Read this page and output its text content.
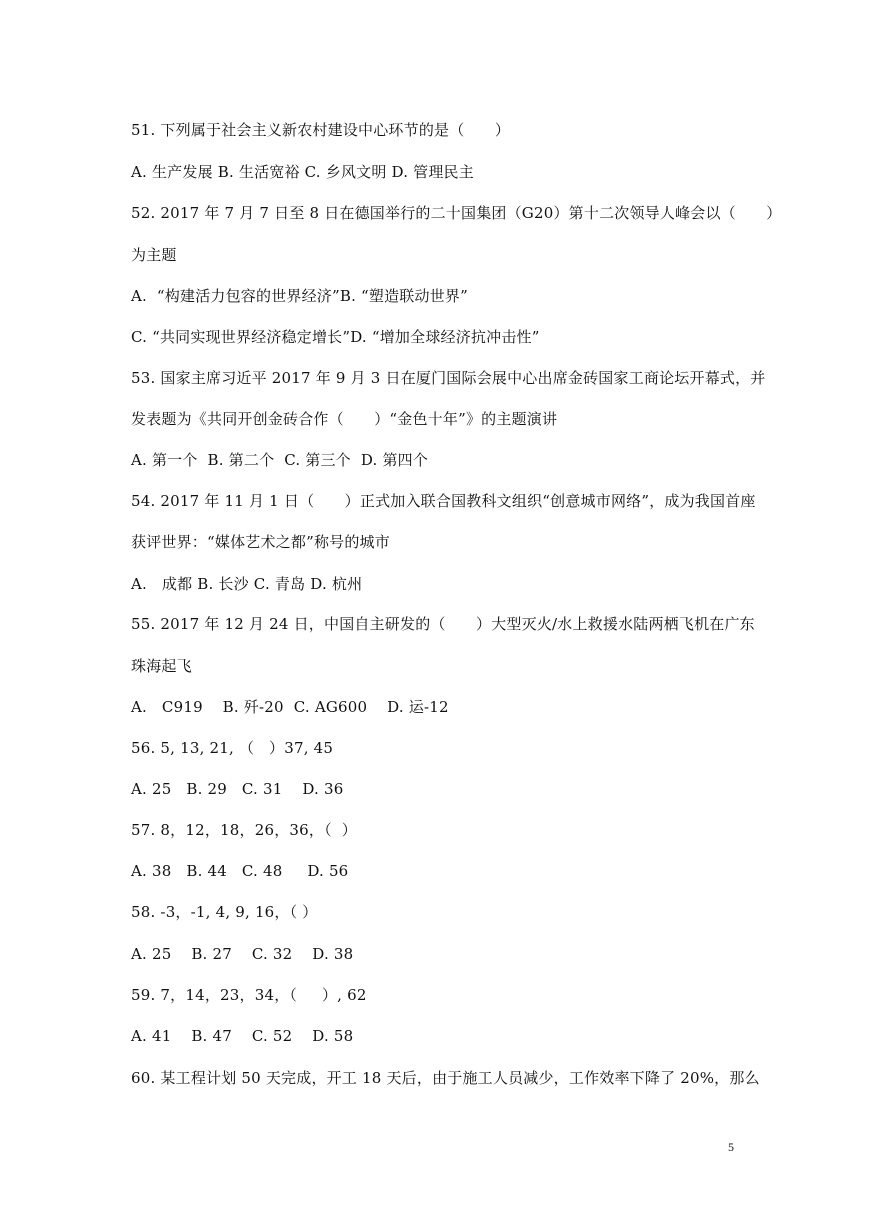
51. 下列属于社会主义新农村建设中心环节的是（　　）
A. 生产发展 B. 生活宽裕 C. 乡风文明 D. 管理民主
52. 2017 年 7 月 7 日至 8 日在德国举行的二十国集团（G20）第十二次领导人峰会以（　　）
为主题
A.  “构建活力包容的世界经济”B. “塑造联动世界”
C. “共同实现世界经济稳定增长”D. “增加全球经济抗冲击性”
53. 国家主席习近平 2017 年 9 月 3 日在厦门国际会展中心出席金砖国家工商论坛开幕式，并
发表题为《共同开创金砖合作（　　）“金色十年”》的主题演讲
A. 第一个  B. 第二个  C. 第三个  D. 第四个
54. 2017 年 11 月 1 日（　　）正式加入联合国教科文组织“创意城市网络”，成为我国首座
获评世界：“媒体艺术之都”称号的城市
A.   成都 B. 长沙 C. 青岛 D. 杭州
55. 2017 年 12 月 24 日，中国自主研发的（　　）大型灭火/水上救援水陆两栖飞机在广东
珠海起飞
A.   C919    B. 歼-20  C. AG600    D. 运-12
56. 5, 13, 21, （   ）37, 45
A. 25   B. 29   C. 31    D. 36
57. 8，12，18，26，36，（  ）
A. 38   B. 44   C. 48     D. 56
58. -3，-1, 4, 9, 16，（ ）
A. 25    B. 27    C. 32    D. 38
59. 7，14，23，34，（     ）, 62
A. 41    B. 47    C. 52    D. 58
60. 某工程计划 50 天完成，开工 18 天后，由于施工人员减少，工作效率下降了 20%，那么
5
